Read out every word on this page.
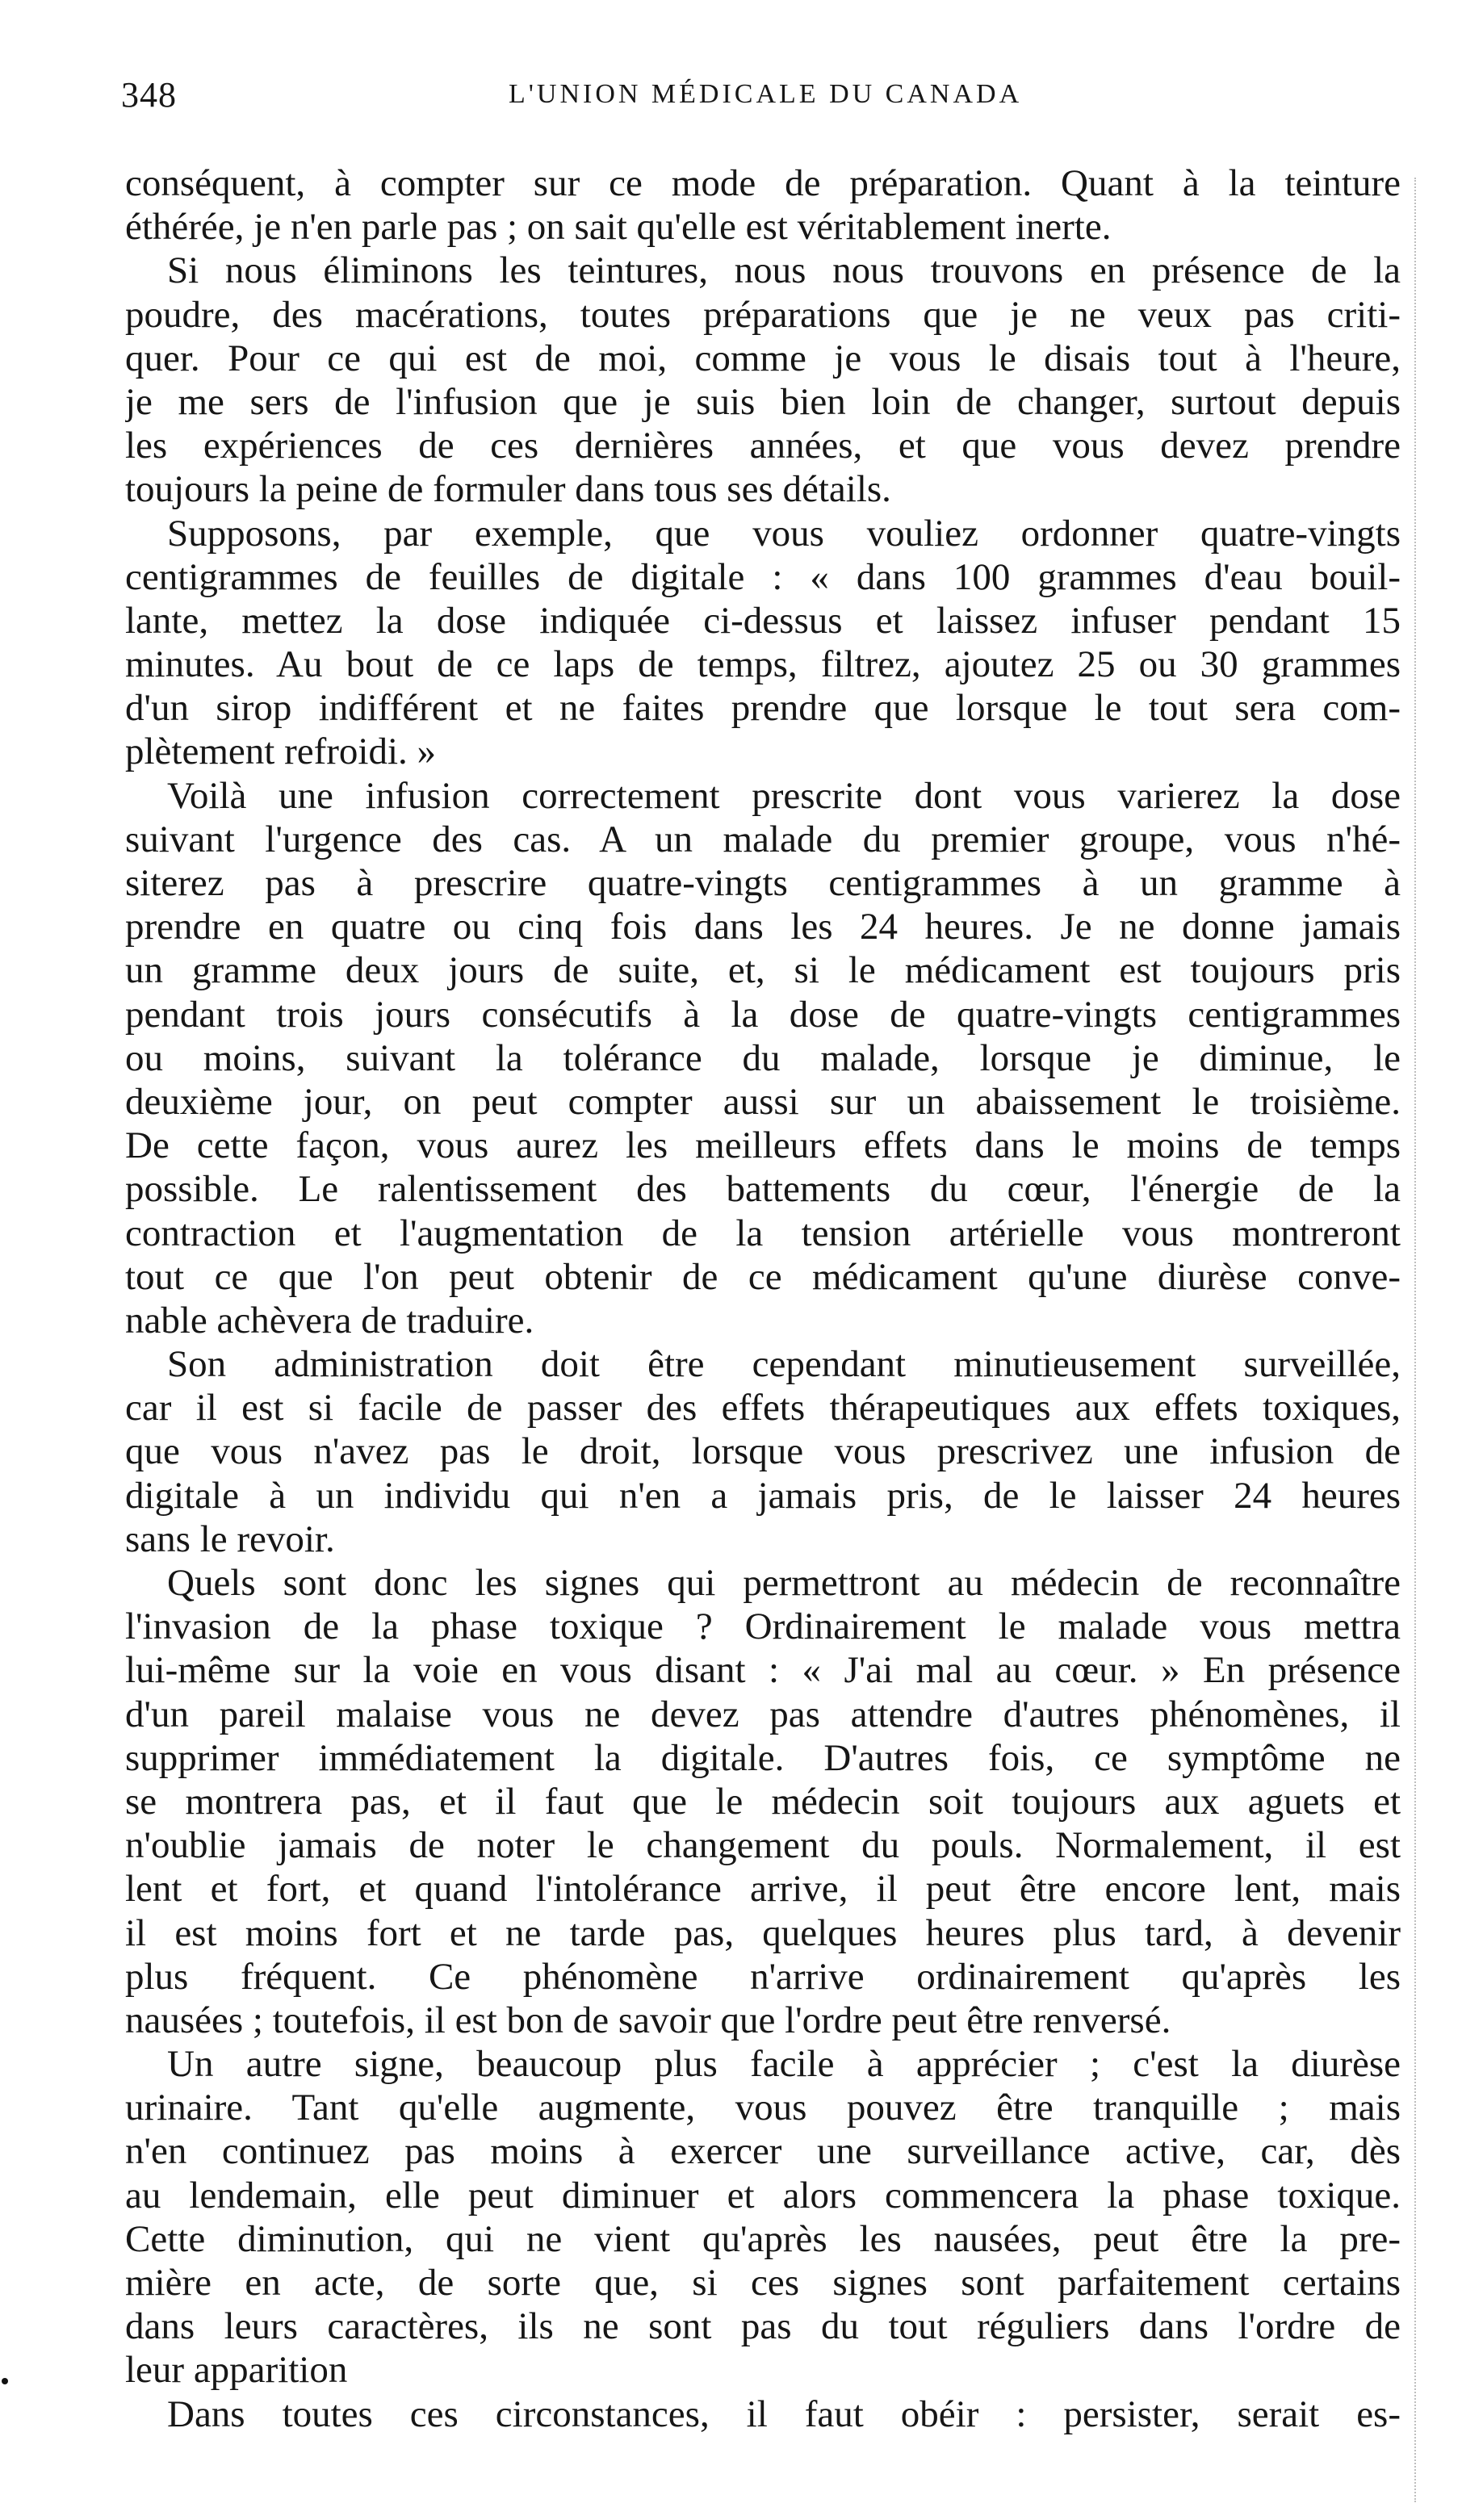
348	L'UNION MÉDICALE DU CANADA
conséquent, à compter sur ce mode de préparation. Quant à la teinture
éthérée, je n'en parle pas ; on sait qu'elle est véritablement inerte.
Si nous éliminons les teintures, nous nous trouvons en présence de la
poudre, des macérations, toutes préparations que je ne veux pas criti-
quer. Pour ce qui est de moi, comme je vous le disais tout à l'heure,
je me sers de l'infusion que je suis bien loin de changer, surtout depuis
les expériences de ces dernières années, et que vous devez prendre
toujours la peine de formuler dans tous ses détails.
Supposons, par exemple, que vous vouliez ordonner quatre-vingts
centigrammes de feuilles de digitale : « dans 100 grammes d'eau bouil-
lante, mettez la dose indiquée ci-dessus et laissez infuser pendant 15
minutes. Au bout de ce laps de temps, filtrez, ajoutez 25 ou 30 grammes
d'un sirop indifférent et ne faites prendre que lorsque le tout sera com-
plètement refroidi. »
Voilà une infusion correctement prescrite dont vous varierez la dose
suivant l'urgence des cas. A un malade du premier groupe, vous n'hé-
siterez pas à prescrire quatre-vingts centigrammes à un gramme à
prendre en quatre ou cinq fois dans les 24 heures. Je ne donne jamais
un gramme deux jours de suite, et, si le médicament est toujours pris
pendant trois jours consécutifs à la dose de quatre-vingts centigrammes
ou moins, suivant la tolérance du malade, lorsque je diminue, le
deuxième jour, on peut compter aussi sur un abaissement le troisième.
De cette façon, vous aurez les meilleurs effets dans le moins de temps
possible. Le ralentissement des battements du cœur, l'énergie de la
contraction et l'augmentation de la tension artérielle vous montreront
tout ce que l'on peut obtenir de ce médicament qu'une diurèse conve-
nable achèvera de traduire.
Son administration doit être cependant minutieusement surveillée,
car il est si facile de passer des effets thérapeutiques aux effets toxiques,
que vous n'avez pas le droit, lorsque vous prescrivez une infusion de
digitale à un individu qui n'en a jamais pris, de le laisser 24 heures
sans le revoir.
Quels sont donc les signes qui permettront au médecin de reconnaître
l'invasion de la phase toxique ? Ordinairement le malade vous mettra
lui-même sur la voie en vous disant : « J'ai mal au cœur. » En présence
d'un pareil malaise vous ne devez pas attendre d'autres phénomènes, il
supprimer immédiatement la digitale. D'autres fois, ce symptôme ne
se montrera pas, et il faut que le médecin soit toujours aux aguets et
n'oublie jamais de noter le changement du pouls. Normalement, il est
lent et fort, et quand l'intolérance arrive, il peut être encore lent, mais
il est moins fort et ne tarde pas, quelques heures plus tard, à devenir
plus fréquent. Ce phénomène n'arrive ordinairement qu'après les
nausées ; toutefois, il est bon de savoir que l'ordre peut être renversé.
Un autre signe, beaucoup plus facile à apprécier ; c'est la diurèse
urinaire. Tant qu'elle augmente, vous pouvez être tranquille ; mais
n'en continuez pas moins à exercer une surveillance active, car, dès
au lendemain, elle peut diminuer et alors commencera la phase toxique.
Cette diminution, qui ne vient qu'après les nausées, peut être la pre-
mière en acte, de sorte que, si ces signes sont parfaitement certains
dans leurs caractères, ils ne sont pas du tout réguliers dans l'ordre de
leur apparition
Dans toutes ces circonstances, il faut obéir : persister, serait es-
